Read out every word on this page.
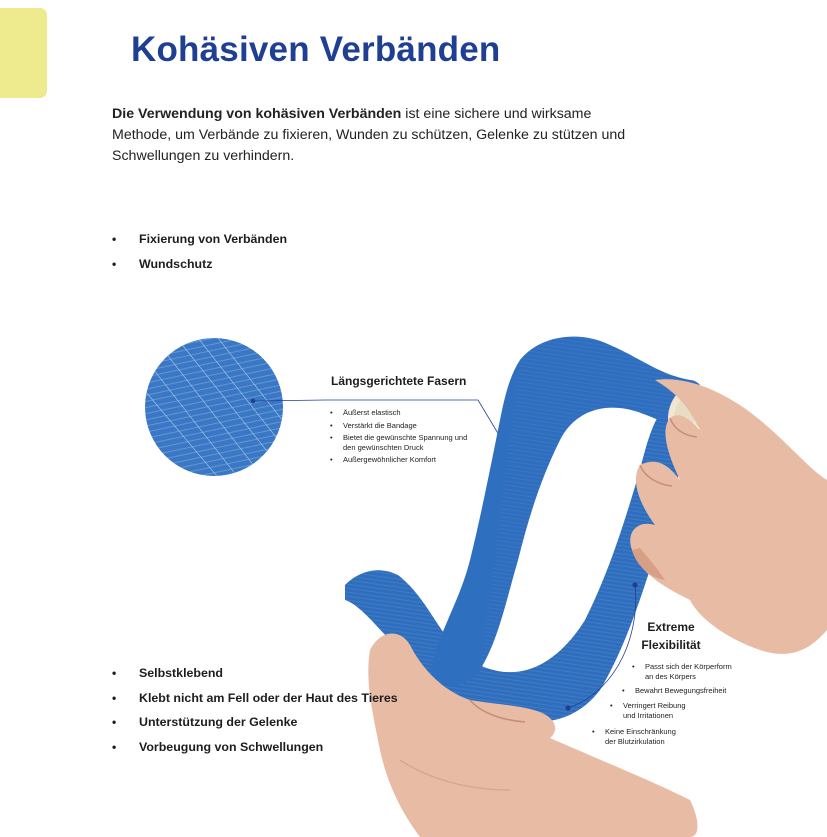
Kohäsiven Verbänden

Die Verwendung von kohäsiven Verbänden ist eine sichere und wirksame
Methode, um Verbände zu fixieren, Wunden zu schützen, Gelenke zu stützen und
Schwellungen zu verhindern.

• Fixierung von Verbänden
• Wundschutz
Längsgerichtete Fasern
• Äußerst elastisch
• Verstärkt die Bandage
• Bietet die gewünschte Spannung und
den gewünschten Druck
• Außergewöhnlicher Komfort
Extreme
Flexibilität
• Passt sich der Körperform
an des Körpers
• Bewahrt Bewegungsfreiheit
• Verringert Reibung
und Irritationen
• Keine Einschränkung
der Blutzirkulation
• Selbstklebend
• Klebt nicht am Fell oder der Haut des Tieres
• Unterstützung der Gelenke
• Vorbeugung von Schwellungen
